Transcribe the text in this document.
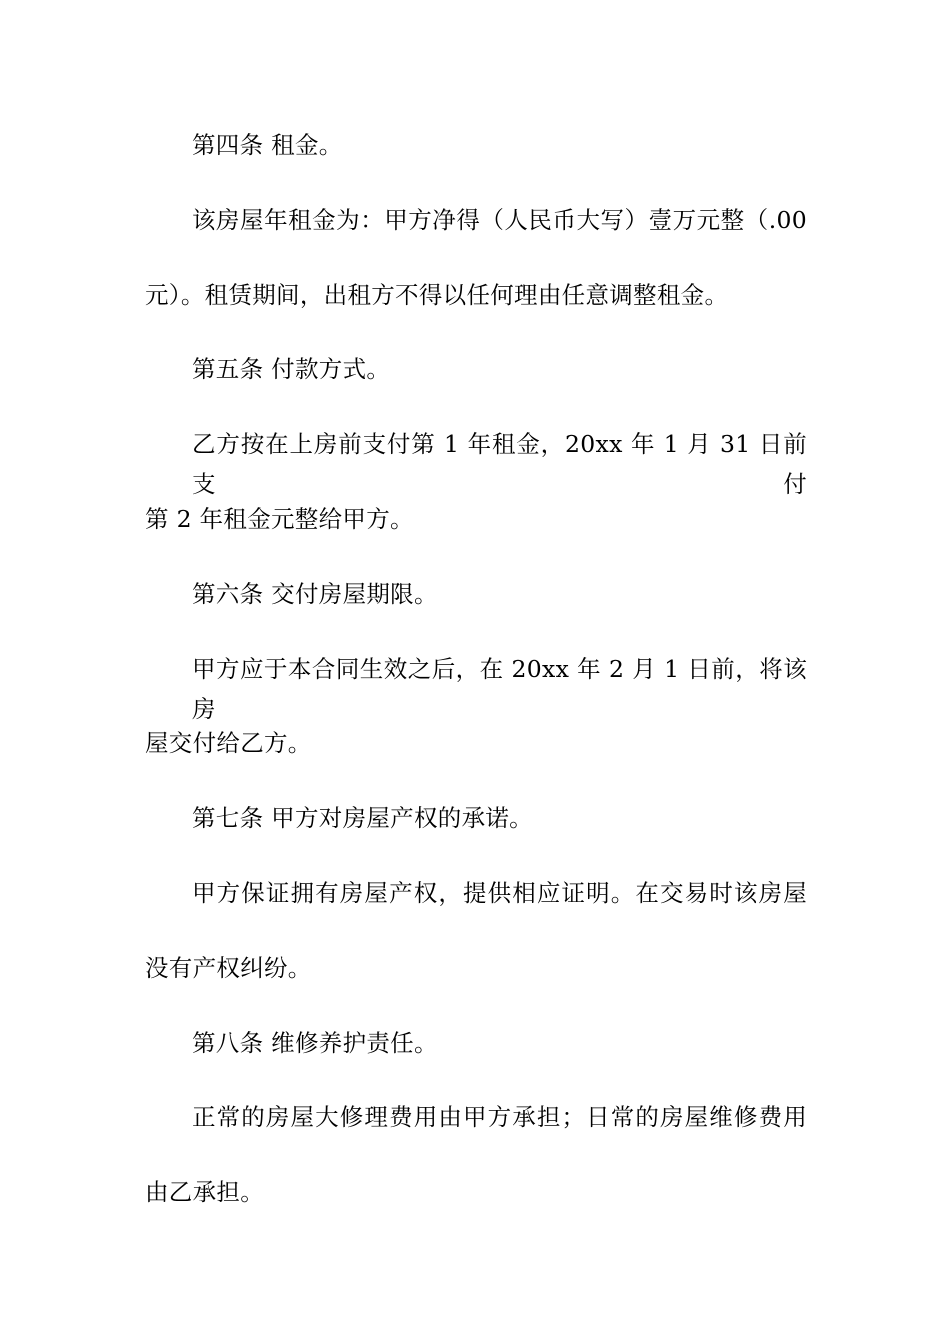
第四条 租金。
该房屋年租金为：甲方净得（人民币大写）壹万元整（.00
元）。租赁期间，出租方不得以任何理由任意调整租金。
第五条 付款方式。
乙方按在上房前支付第 1 年租金，20xx 年 1 月 31 日前支付
第 2 年租金元整给甲方。
第六条 交付房屋期限。
甲方应于本合同生效之后，在 20xx 年 2 月 1 日前，将该房
屋交付给乙方。
第七条 甲方对房屋产权的承诺。
甲方保证拥有房屋产权，提供相应证明。在交易时该房屋
没有产权纠纷。
第八条 维修养护责任。
正常的房屋大修理费用由甲方承担；日常的房屋维修费用
由乙承担。
